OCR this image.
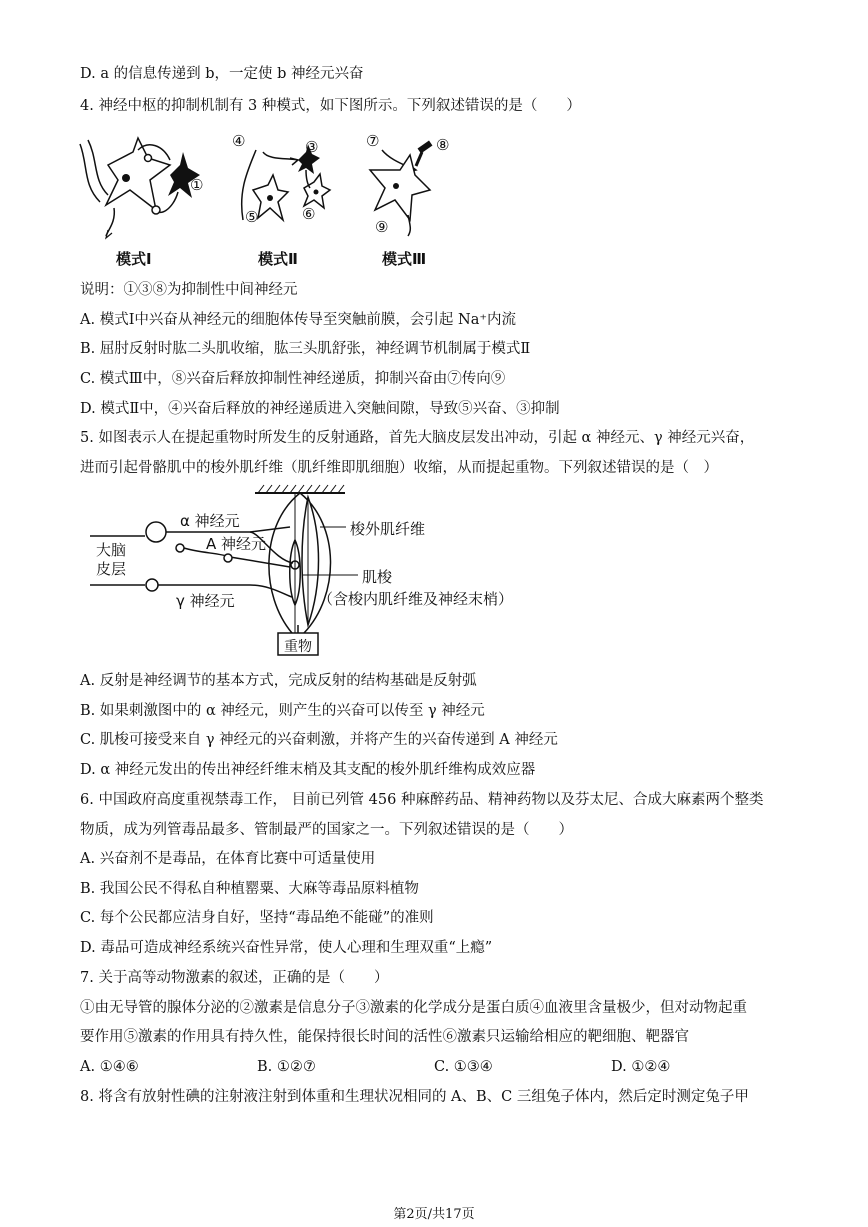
D. a 的信息传递到 b，一定使 b 神经元兴奋
4. 神经中枢的抑制机制有 3 种模式，如下图所示。下列叙述错误的是（　　）
①
④	③
⑤	⑥
⑦	⑧
⑨
模式Ⅰ	模式Ⅱ	模式Ⅲ
说明：①③⑧为抑制性中间神经元
A. 模式Ⅰ中兴奋从神经元的细胞体传导至突触前膜，会引起 Na⁺内流
B. 屈肘反射时肱二头肌收缩，肱三头肌舒张，神经调节机制属于模式Ⅱ
C. 模式Ⅲ中，⑧兴奋后释放抑制性神经递质，抑制兴奋由⑦传向⑨
D. 模式Ⅱ中，④兴奋后释放的神经递质进入突触间隙，导致⑤兴奋、③抑制
5. 如图表示人在提起重物时所发生的反射通路，首先大脑皮层发出冲动，引起 α 神经元、γ 神经元兴奋，
进而引起骨骼肌中的梭外肌纤维（肌纤维即肌细胞）收缩，从而提起重物。下列叙述错误的是（　）
α 神经元
A 神经元
大脑
皮层
γ 神经元
梭外肌纤维
肌梭
（含梭内肌纤维及神经末梢）
重物
A. 反射是神经调节的基本方式，完成反射的结构基础是反射弧
B. 如果刺激图中的 α 神经元，则产生的兴奋可以传至 γ 神经元
C. 肌梭可接受来自 γ 神经元的兴奋刺激，并将产生的兴奋传递到 A 神经元
D. α 神经元发出的传出神经纤维末梢及其支配的梭外肌纤维构成效应器
6. 中国政府高度重视禁毒工作， 目前已列管 456 种麻醉药品、精神药物以及芬太尼、合成大麻素两个整类
物质，成为列管毒品最多、管制最严的国家之一。下列叙述错误的是（　　）
A. 兴奋剂不是毒品，在体育比赛中可适量使用
B. 我国公民不得私自种植罂粟、大麻等毒品原料植物
C. 每个公民都应洁身自好，坚持“毒品绝不能碰”的准则
D. 毒品可造成神经系统兴奋性异常，使人心理和生理双重“上瘾”
7. 关于高等动物激素的叙述，正确的是（　　）
①由无导管的腺体分泌的②激素是信息分子③激素的化学成分是蛋白质④血液里含量极少，但对动物起重
要作用⑤激素的作用具有持久性，能保持很长时间的活性⑥激素只运输给相应的靶细胞、靶器官
A. ①④⑥	B. ①②⑦	C. ①③④	D. ①②④
8. 将含有放射性碘的注射液注射到体重和生理状况相同的 A、B、C 三组兔子体内，然后定时测定兔子甲
第2页/共17页
